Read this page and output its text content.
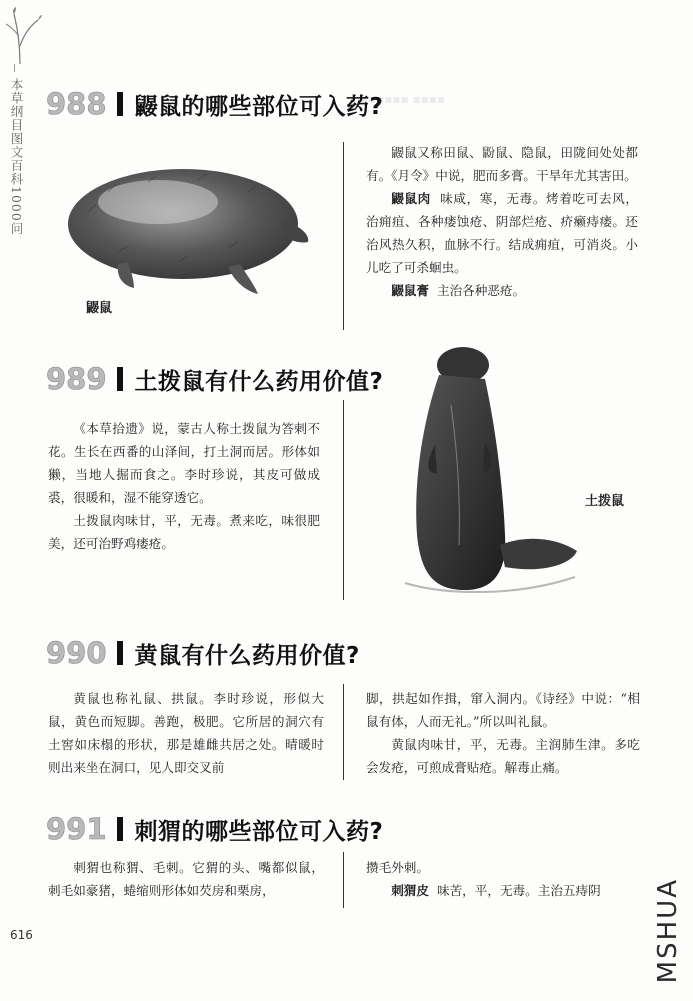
本草纲目图文百科1000问	▪▪▪▪▪▪ ▪▪▪▪
988 鼹鼠的哪些部位可入药?
鼹鼠

鼹鼠又称田鼠、鼢鼠、隐鼠，田陇间处处都有。《月令》中说，肥而多膏。干旱年尤其害田。

鼹鼠肉 味咸，寒，无毒。烤着吃可去风，治痈疽、各种瘘蚀疮、阴部烂疮、疥癞痔瘘。还治风热久积，血脉不行。结成痈疽，可消炎。小儿吃了可杀蛔虫。

鼹鼠膏 主治各种恶疮。

989 土拨鼠有什么药用价值?

《本草拾遗》说，蒙古人称土拨鼠为答剌不花。生长在西番的山泽间，打土洞而居。形体如獭，当地人掘而食之。李时珍说，其皮可做成裘，很暖和，湿不能穿透它。

土拨鼠肉味甘，平，无毒。煮来吃，味很肥美，还可治野鸡瘘疮。

土拨鼠
990 黄鼠有什么药用价值?

黄鼠也称礼鼠、拱鼠。李时珍说，形似大鼠，黄色而短脚。善跑，极肥。它所居的洞穴有土窖如床榻的形状，那是雄雌共居之处。晴暖时则出来坐在洞口，见人即交叉前

脚，拱起如作揖，窜入洞内。《诗经》中说：“相鼠有体，人而无礼。”所以叫礼鼠。

黄鼠肉味甘，平，无毒。主润肺生津。多吃会发疮，可煎成膏贴疮。解毒止痛。

991 刺猬的哪些部位可入药?

刺猬也称猬、毛刺。它猬的头、嘴都似鼠，刺毛如豪猪，蜷缩则形体如芡房和栗房，

攒毛外刺。

刺猬皮 味苦，平，无毒。主治五痔阴

616	MSHUA
